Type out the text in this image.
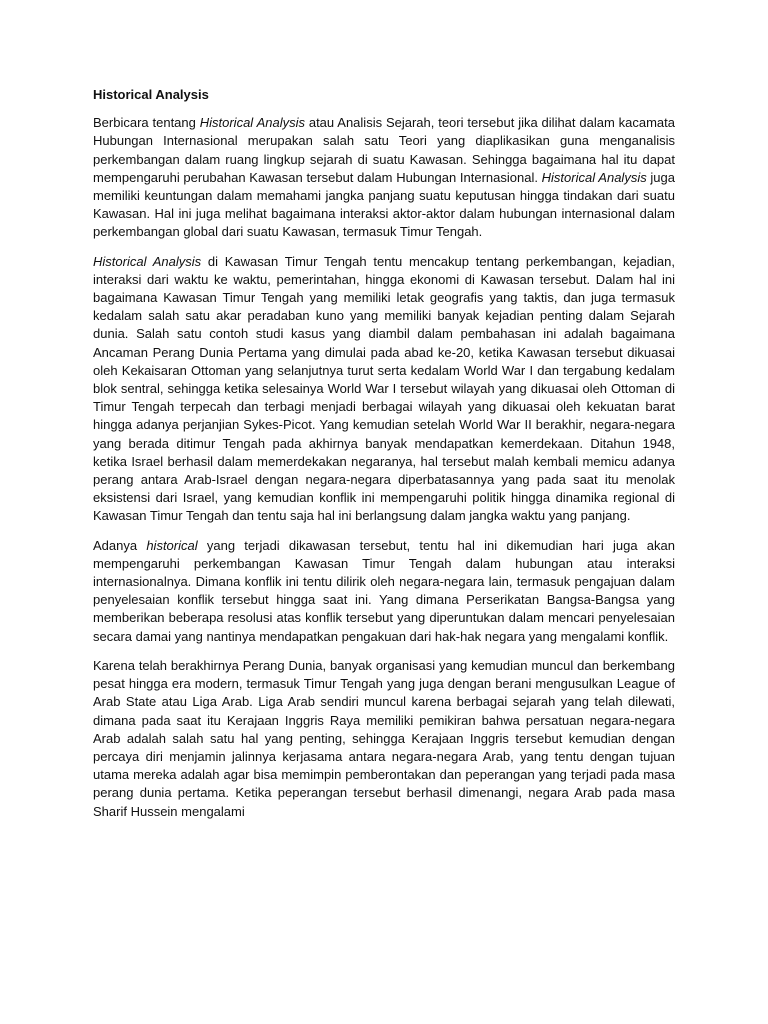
Historical Analysis

Berbicara tentang Historical Analysis atau Analisis Sejarah, teori tersebut jika dilihat dalam kacamata Hubungan Internasional merupakan salah satu Teori yang diaplikasikan guna menganalisis perkembangan dalam ruang lingkup sejarah di suatu Kawasan. Sehingga bagaimana hal itu dapat mempengaruhi perubahan Kawasan tersebut dalam Hubungan Internasional. Historical Analysis juga memiliki keuntungan dalam memahami jangka panjang suatu keputusan hingga tindakan dari suatu Kawasan. Hal ini juga melihat bagaimana interaksi aktor-aktor dalam hubungan internasional dalam perkembangan global dari suatu Kawasan, termasuk Timur Tengah.

Historical Analysis di Kawasan Timur Tengah tentu mencakup tentang perkembangan, kejadian, interaksi dari waktu ke waktu, pemerintahan, hingga ekonomi di Kawasan tersebut. Dalam hal ini bagaimana Kawasan Timur Tengah yang memiliki letak geografis yang taktis, dan juga termasuk kedalam salah satu akar peradaban kuno yang memiliki banyak kejadian penting dalam Sejarah dunia. Salah satu contoh studi kasus yang diambil dalam pembahasan ini adalah bagaimana Ancaman Perang Dunia Pertama yang dimulai pada abad ke-20, ketika Kawasan tersebut dikuasai oleh Kekaisaran Ottoman yang selanjutnya turut serta kedalam World War I dan tergabung kedalam blok sentral, sehingga ketika selesainya World War I tersebut wilayah yang dikuasai oleh Ottoman di Timur Tengah terpecah dan terbagi menjadi berbagai wilayah yang dikuasai oleh kekuatan barat hingga adanya perjanjian Sykes-Picot. Yang kemudian setelah World War II berakhir, negara-negara yang berada ditimur Tengah pada akhirnya banyak mendapatkan kemerdekaan. Ditahun 1948, ketika Israel berhasil dalam memerdekakan negaranya, hal tersebut malah kembali memicu adanya perang antara Arab-Israel dengan negara-negara diperbatasannya yang pada saat itu menolak eksistensi dari Israel, yang kemudian konflik ini mempengaruhi politik hingga dinamika regional di Kawasan Timur Tengah dan tentu saja hal ini berlangsung dalam jangka waktu yang panjang.

Adanya historical yang terjadi dikawasan tersebut, tentu hal ini dikemudian hari juga akan mempengaruhi perkembangan Kawasan Timur Tengah dalam hubungan atau interaksi internasionalnya. Dimana konflik ini tentu dilirik oleh negara-negara lain, termasuk pengajuan dalam penyelesaian konflik tersebut hingga saat ini. Yang dimana Perserikatan Bangsa-Bangsa yang memberikan beberapa resolusi atas konflik tersebut yang diperuntukan dalam mencari penyelesaian secara damai yang nantinya mendapatkan pengakuan dari hak-hak negara yang mengalami konflik.

Karena telah berakhirnya Perang Dunia, banyak organisasi yang kemudian muncul dan berkembang pesat hingga era modern, termasuk Timur Tengah yang juga dengan berani mengusulkan League of Arab State atau Liga Arab. Liga Arab sendiri muncul karena berbagai sejarah yang telah dilewati, dimana pada saat itu Kerajaan Inggris Raya memiliki pemikiran bahwa persatuan negara-negara Arab adalah salah satu hal yang penting, sehingga Kerajaan Inggris tersebut kemudian dengan percaya diri menjamin jalinnya kerjasama antara negara-negara Arab, yang tentu dengan tujuan utama mereka adalah agar bisa memimpin pemberontakan dan peperangan yang terjadi pada masa perang dunia pertama. Ketika peperangan tersebut berhasil dimenangi, negara Arab pada masa Sharif Hussein mengalami
